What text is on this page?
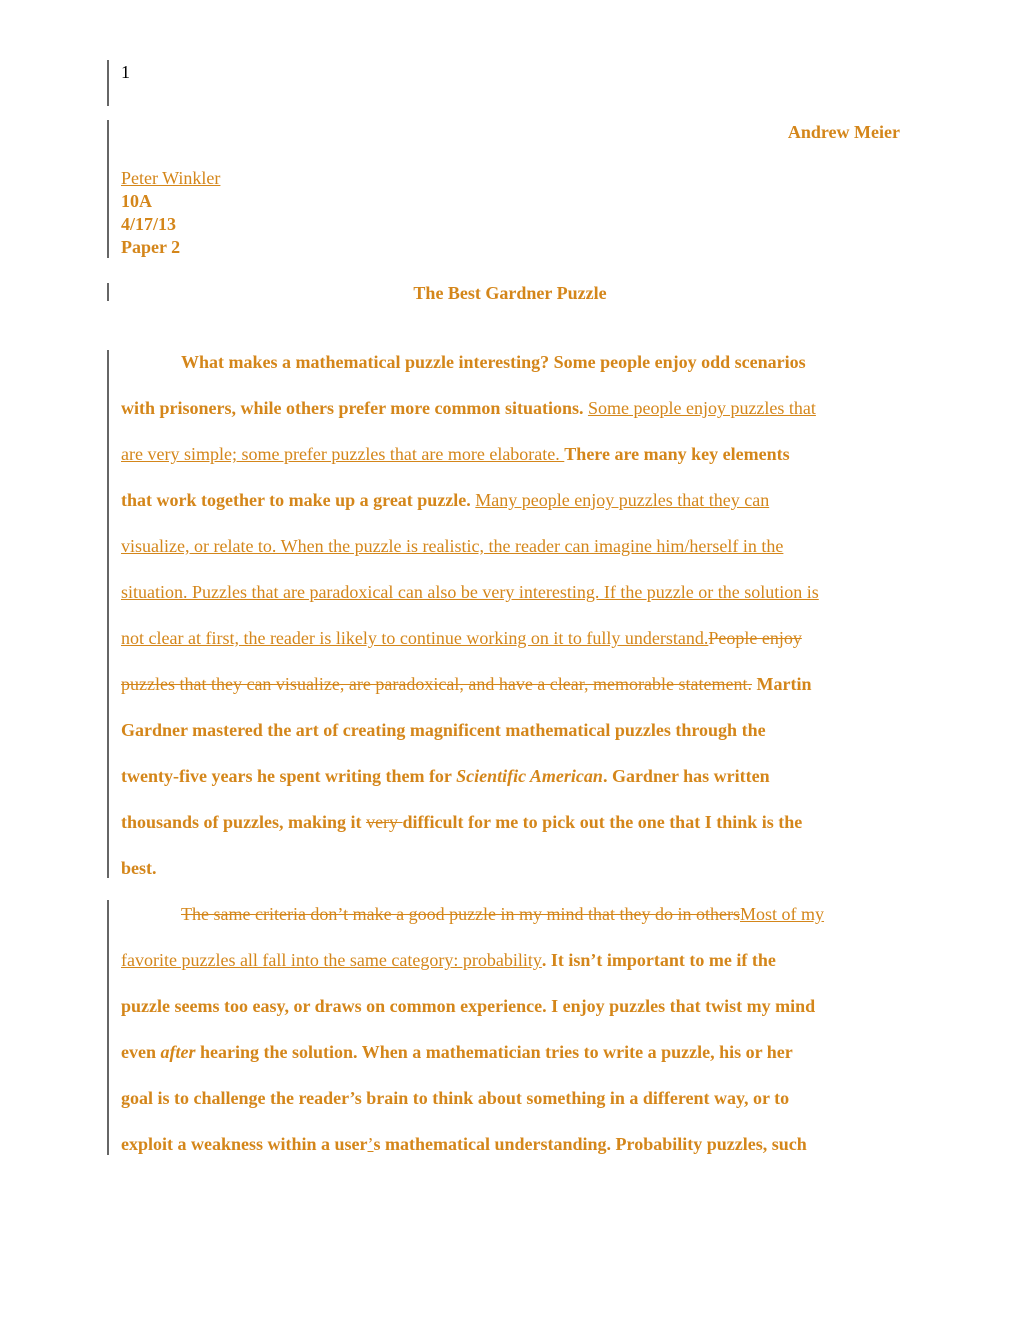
1
Andrew Meier
Peter Winkler
10A
4/17/13
Paper 2
The Best Gardner Puzzle
What makes a mathematical puzzle interesting? Some people enjoy odd scenarios
with prisoners, while others prefer more common situations. Some people enjoy puzzles that
are very simple; some prefer puzzles that are more elaborate. There are many key elements
that work together to make up a great puzzle. Many people enjoy puzzles that they can
visualize, or relate to. When the puzzle is realistic, the reader can imagine him/herself in the
situation. Puzzles that are paradoxical can also be very interesting. If the puzzle or the solution is
not clear at first, the reader is likely to continue working on it to fully understand.People enjoy
puzzles that they can visualize, are paradoxical, and have a clear, memorable statement. Martin
Gardner mastered the art of creating magnificent mathematical puzzles through the
twenty-five years he spent writing them for Scientific American. Gardner has written
thousands of puzzles, making it very difficult for me to pick out the one that I think is the
best.
The same criteria don’t make a good puzzle in my mind that they do in othersMost of my
favorite puzzles all fall into the same category: probability. It isn’t important to me if the
puzzle seems too easy, or draws on common experience. I enjoy puzzles that twist my mind
even after hearing the solution. When a mathematician tries to write a puzzle, his or her
goal is to challenge the reader’s brain to think about something in a different way, or to
exploit a weakness within a user’s mathematical understanding. Probability puzzles, such
